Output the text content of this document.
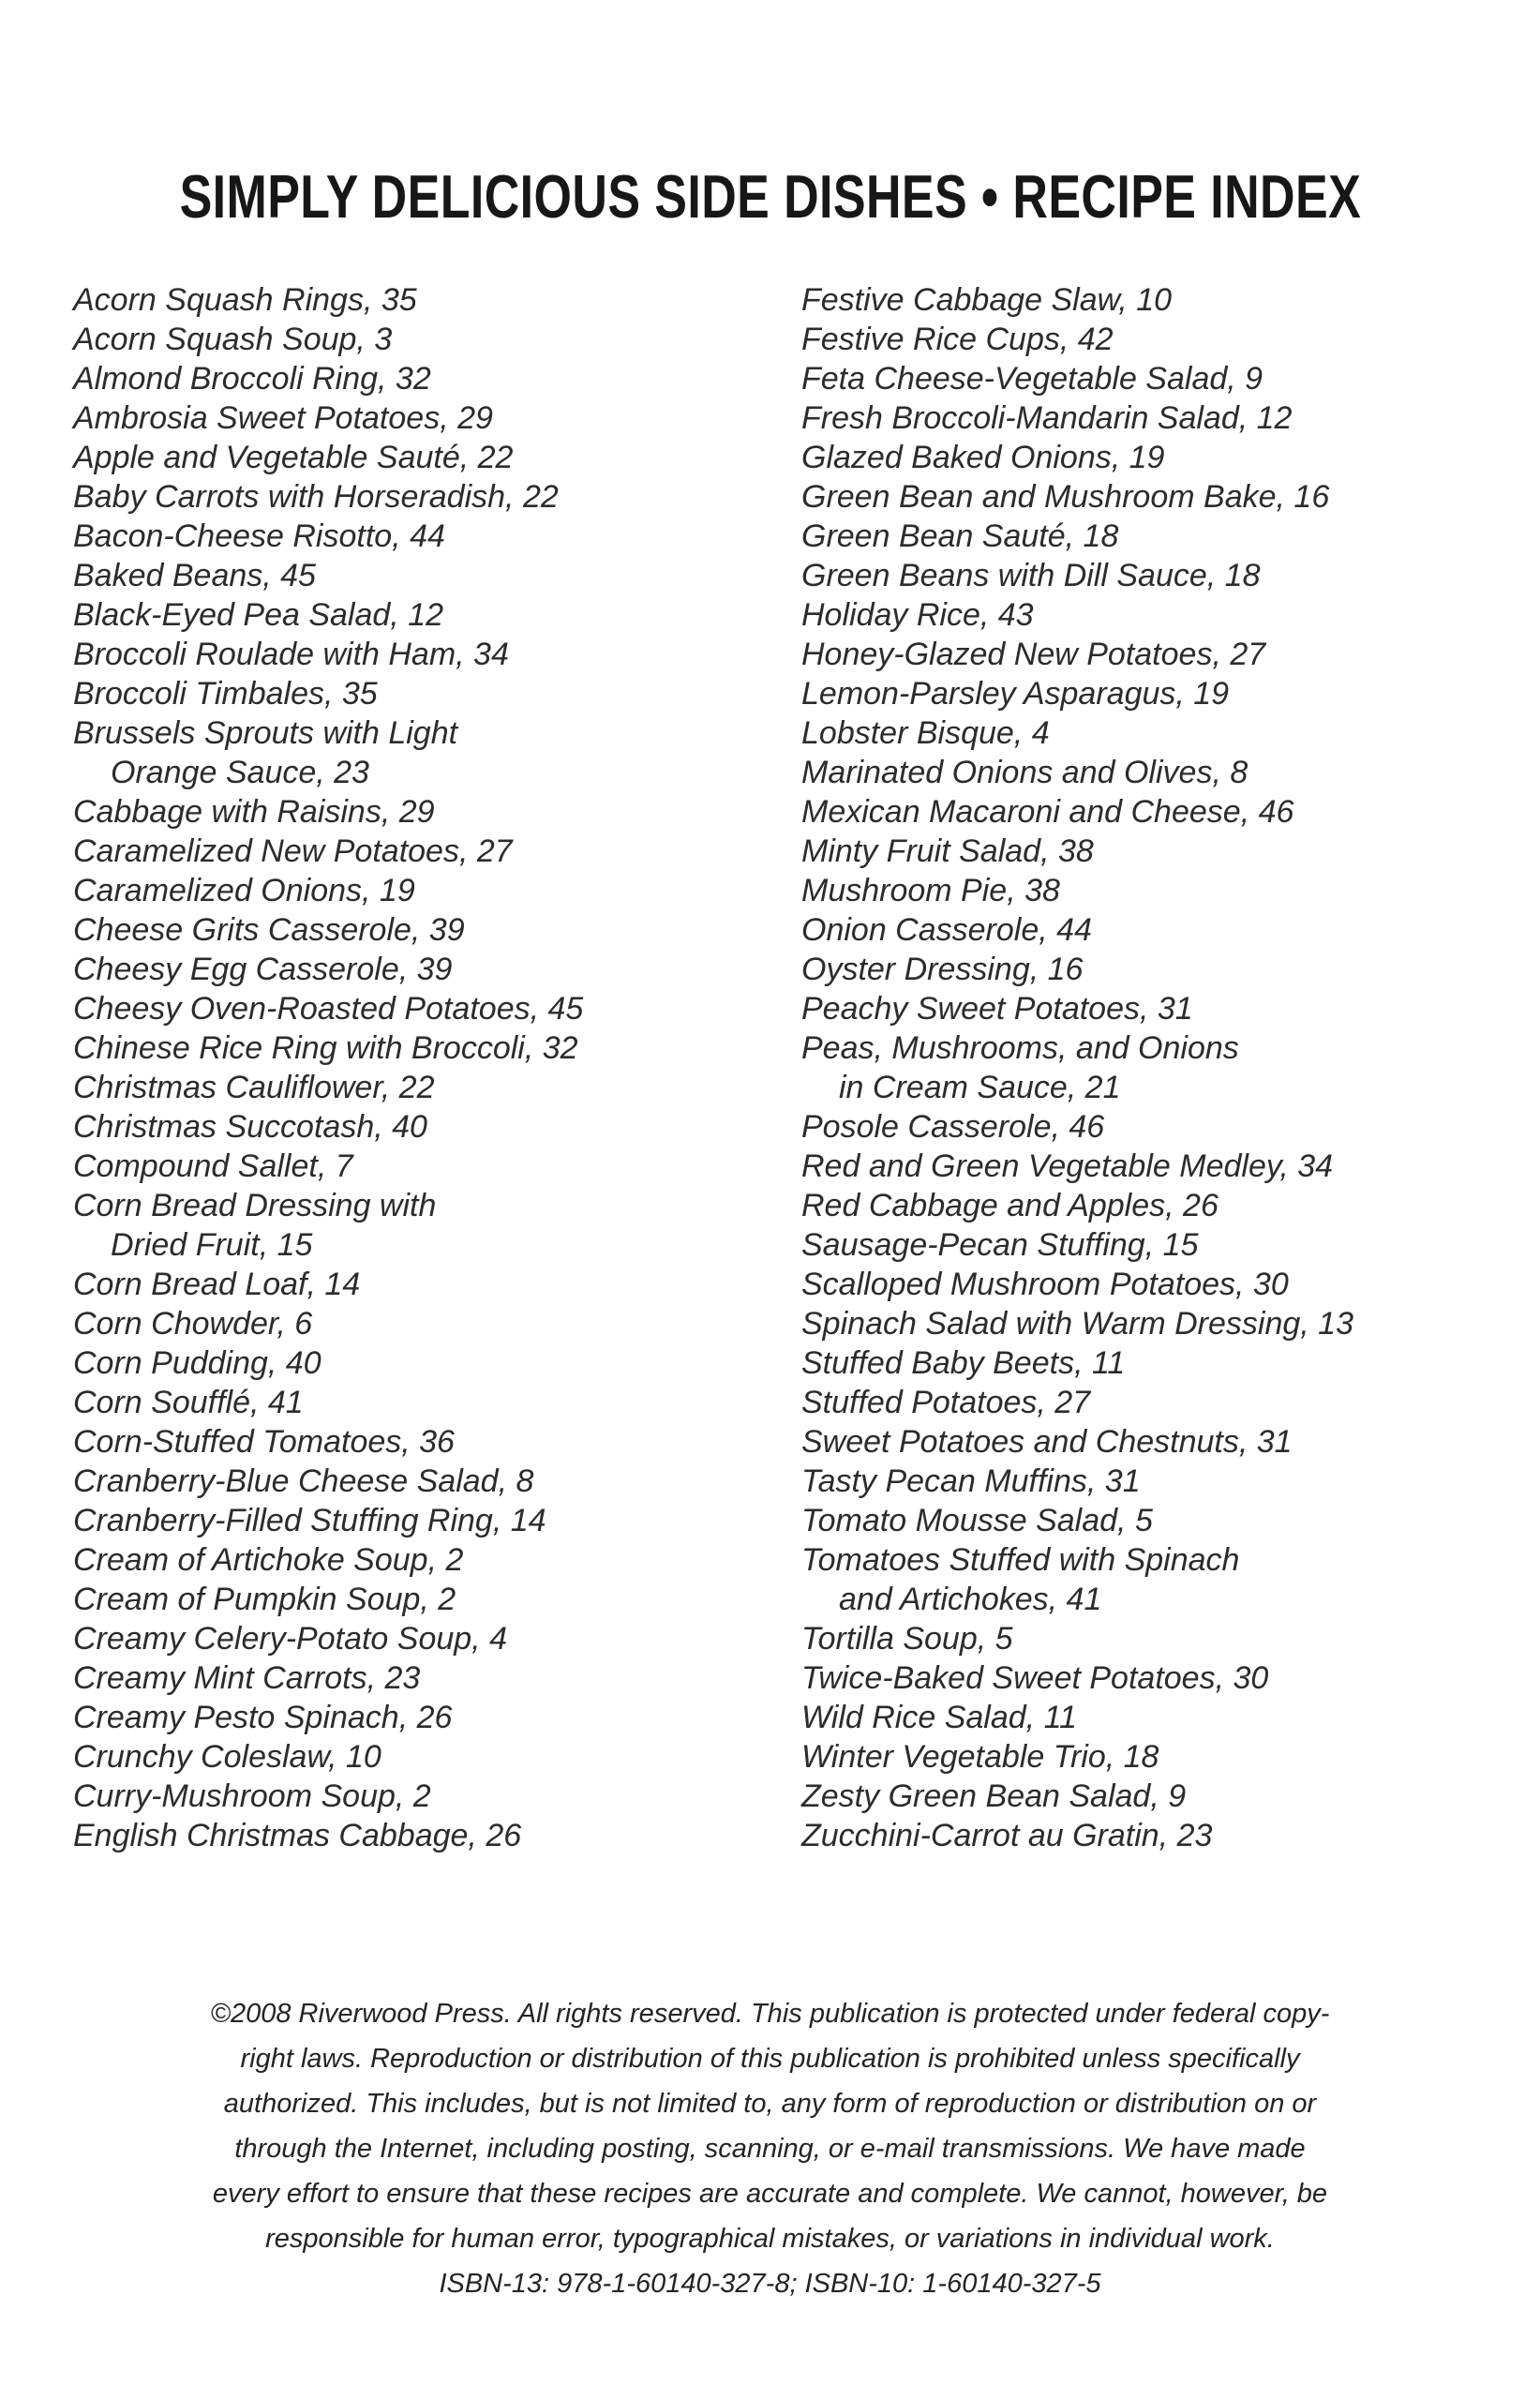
SIMPLY DELICIOUS SIDE DISHES • RECIPE INDEX

Acorn Squash Rings, 35

Acorn Squash Soup, 3

Almond Broccoli Ring, 32

Ambrosia Sweet Potatoes, 29

Apple and Vegetable Sauté, 22

Baby Carrots with Horseradish, 22

Bacon-Cheese Risotto, 44

Baked Beans, 45

Black-Eyed Pea Salad, 12

Broccoli Roulade with Ham, 34

Broccoli Timbales, 35

Brussels Sprouts with Light

Orange Sauce, 23

Cabbage with Raisins, 29

Caramelized New Potatoes, 27

Caramelized Onions, 19

Cheese Grits Casserole, 39

Cheesy Egg Casserole, 39

Cheesy Oven-Roasted Potatoes, 45

Chinese Rice Ring with Broccoli, 32

Christmas Cauliflower, 22

Christmas Succotash, 40

Compound Sallet, 7

Corn Bread Dressing with

Dried Fruit, 15

Corn Bread Loaf, 14

Corn Chowder, 6

Corn Pudding, 40

Corn Soufflé, 41

Corn-Stuffed Tomatoes, 36

Cranberry-Blue Cheese Salad, 8

Cranberry-Filled Stuffing Ring, 14

Cream of Artichoke Soup, 2

Cream of Pumpkin Soup, 2

Creamy Celery-Potato Soup, 4

Creamy Mint Carrots, 23

Creamy Pesto Spinach, 26

Crunchy Coleslaw, 10

Curry-Mushroom Soup, 2

English Christmas Cabbage, 26

Festive Cabbage Slaw, 10

Festive Rice Cups, 42

Feta Cheese-Vegetable Salad, 9

Fresh Broccoli-Mandarin Salad, 12

Glazed Baked Onions, 19

Green Bean and Mushroom Bake, 16

Green Bean Sauté, 18

Green Beans with Dill Sauce, 18

Holiday Rice, 43

Honey-Glazed New Potatoes, 27

Lemon-Parsley Asparagus, 19

Lobster Bisque, 4

Marinated Onions and Olives, 8

Mexican Macaroni and Cheese, 46

Minty Fruit Salad, 38

Mushroom Pie, 38

Onion Casserole, 44

Oyster Dressing, 16

Peachy Sweet Potatoes, 31

Peas, Mushrooms, and Onions

in Cream Sauce, 21

Posole Casserole, 46

Red and Green Vegetable Medley, 34

Red Cabbage and Apples, 26

Sausage-Pecan Stuffing, 15

Scalloped Mushroom Potatoes, 30

Spinach Salad with Warm Dressing, 13

Stuffed Baby Beets, 11

Stuffed Potatoes, 27

Sweet Potatoes and Chestnuts, 31

Tasty Pecan Muffins, 31

Tomato Mousse Salad, 5

Tomatoes Stuffed with Spinach

and Artichokes, 41

Tortilla Soup, 5

Twice-Baked Sweet Potatoes, 30

Wild Rice Salad, 11

Winter Vegetable Trio, 18

Zesty Green Bean Salad, 9

Zucchini-Carrot au Gratin, 23

©2008 Riverwood Press. All rights reserved. This publication is protected under federal copy-

right laws. Reproduction or distribution of this publication is prohibited unless specifically

authorized. This includes, but is not limited to, any form of reproduction or distribution on or

through the Internet, including posting, scanning, or e-mail transmissions. We have made

every effort to ensure that these recipes are accurate and complete. We cannot, however, be

responsible for human error, typographical mistakes, or variations in individual work.

ISBN-13: 978-1-60140-327-8; ISBN-10: 1-60140-327-5
